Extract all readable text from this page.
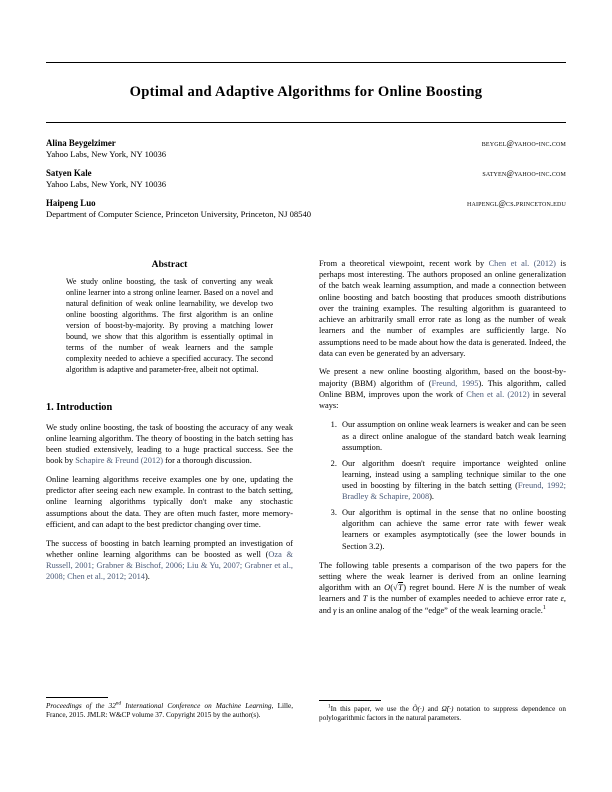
Optimal and Adaptive Algorithms for Online Boosting
Alina Beygelzimer	beygel@yahoo-inc.com
Yahoo Labs, New York, NY 10036
Satyen Kale	satyen@yahoo-inc.com
Yahoo Labs, New York, NY 10036
Haipeng Luo	haipengl@cs.princeton.edu
Department of Computer Science, Princeton University, Princeton, NJ 08540
Abstract

We study online boosting, the task of converting any weak online learner into a strong online learner. Based on a novel and natural definition of weak online learnability, we develop two online boosting algorithms. The first algorithm is an online version of boost-by-majority. By proving a matching lower bound, we show that this algorithm is essentially optimal in terms of the number of weak learners and the sample complexity needed to achieve a specified accuracy. The second algorithm is adaptive and parameter-free, albeit not optimal.

1. Introduction

We study online boosting, the task of boosting the accuracy of any weak online learning algorithm. The theory of boosting in the batch setting has been studied extensively, leading to a huge practical success. See the book by Schapire & Freund (2012) for a thorough discussion.

Online learning algorithms receive examples one by one, updating the predictor after seeing each new example. In contrast to the batch setting, online learning algorithms typically don't make any stochastic assumptions about the data. They are often much faster, more memory-efficient, and can adapt to the best predictor changing over time.

The success of boosting in batch learning prompted an investigation of whether online learning algorithms can be boosted as well (Oza & Russell, 2001; Grabner & Bischof, 2006; Liu & Yu, 2007; Grabner et al., 2008; Chen et al., 2012; 2014).

From a theoretical viewpoint, recent work by Chen et al. (2012) is perhaps most interesting. The authors proposed an online generalization of the batch weak learning assumption, and made a connection between online boosting and batch boosting that produces smooth distributions over the training examples. The resulting algorithm is guaranteed to achieve an arbitrarily small error rate as long as the number of weak learners and the number of examples are sufficiently large. No assumptions need to be made about how the data is generated. Indeed, the data can even be generated by an adversary.

We present a new online boosting algorithm, based on the boost-by-majority (BBM) algorithm of (Freund, 1995). This algorithm, called Online BBM, improves upon the work of Chen et al. (2012) in several ways:

1. Our assumption on online weak learners is weaker and can be seen as a direct online analogue of the standard batch weak learning assumption.
2. Our algorithm doesn't require importance weighted online learning, instead using a sampling technique similar to the one used in boosting by filtering in the batch setting (Freund, 1992; Bradley & Schapire, 2008).
3. Our algorithm is optimal in the sense that no online boosting algorithm can achieve the same error rate with fewer weak learners or examples asymptotically (see the lower bounds in Section 3.2).

The following table presents a comparison of the two papers for the setting where the weak learner is derived from an online learning algorithm with an O(√T) regret bound. Here N is the number of weak learners and T is the number of examples needed to achieve error rate ε, and γ is an online analog of the “edge” of the weak learning oracle.$^1$

Proceedings of the 32nd International Conference on Machine Learning, Lille, France, 2015. JMLR: W&CP volume 37. Copyright 2015 by the author(s).

$^1$In this paper, we use the Õ(·) and Ω̃(·) notation to suppress dependence on polylogarithmic factors in the natural parameters.
